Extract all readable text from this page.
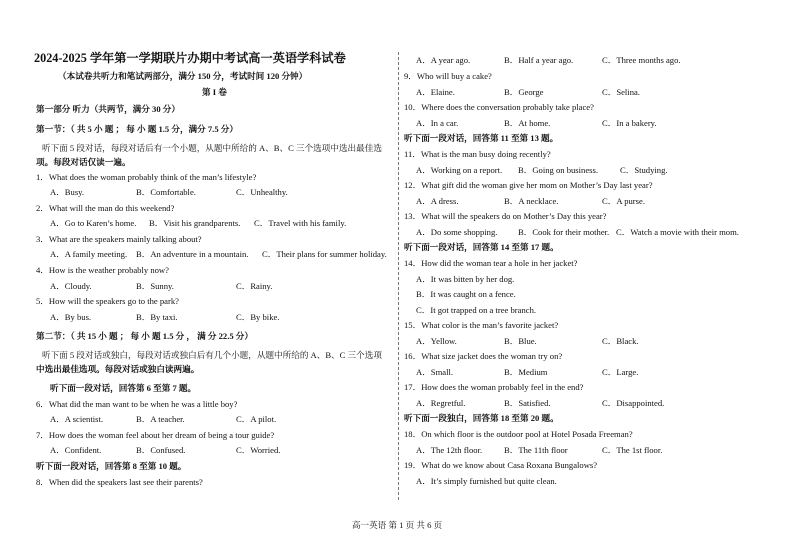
2024-2025 学年第一学期联片办期中考试高一英语学科试卷
（本试卷共听力和笔试两部分，满分 150 分，考试时间 120 分钟）
第 I 卷
第一部分 听力（共两节，满分 30 分）
第一节：（ 共 5 小 题 ； 每 小 题 1.5 分，满分 7.5 分）
听下面 5 段对话，每段对话后有一个小题，从题中所给的 A、B、C 三个选项中选出最佳选
项。每段对话仅读一遍。
1．What does the woman probably think of the man’s lifestyle?
A．Busy.	B．Comfortable.	C．Unhealthy.
2．What will the man do this weekend?
A．Go to Karen’s home. B．Visit his grandparents. C．Travel with his family.
3．What are the speakers mainly talking about?
A．A family meeting. B．An adventure in a mountain. C．Their plans for summer holiday.
4．How is the weather probably now?
A．Cloudy.	B．Sunny.	C．Rainy.
5．How will the speakers go to the park?
A．By bus.	B．By taxi.	C．By bike.
第二节：（ 共 15 小 题 ； 每 小 题 1.5 分 ， 满 分 22.5 分）
听下面 5 段对话或独白，每段对话或独白后有几个小题，从题中所给的 A、B、C 三个选项
中选出最佳选项。每段对话或独白读两遍。
听下面一段对话，回答第 6 至第 7 题。
6．What did the man want to be when he was a little boy?
A．A scientist.	B．A teacher.	C．A pilot.
7．How does the woman feel about her dream of being a tour guide?
A．Confident.	B．Confused.	C．Worried.
听下面一段对话，回答第 8 至第 10 题。
8．When did the speakers last see their parents?
A．A year ago.	B．Half a year ago.	C．Three months ago.
9．Who will buy a cake?
A．Elaine.	B．George	C．Selina.
10．Where does the conversation probably take place?
A．In a car.	B．At home.	C．In a bakery.
听下面一段对话，回答第 11 至第 13 题。
11．What is the man busy doing recently?
A．Working on a report. B．Going on business.	C．Studying.
12．What gift did the woman give her mom on Mother’s Day last year?
A．A dress.	B．A necklace.	C．A purse.
13．What will the speakers do on Mother’s Day this year?
A．Do some shopping. B．Cook for their mother. C．Watch a movie with their mom.
听下面一段对话，回答第 14 至第 17 题。
14．How did the woman tear a hole in her jacket?
A．It was bitten by her dog.
B．It was caught on a fence.
C．It got trapped on a tree branch.
15．What color is the man’s favorite jacket?
A．Yellow.	B．Blue.	C．Black.
16．What size jacket does the woman try on?
A．Small.	B．Medium	C．Large.
17．How does the woman probably feel in the end?
A．Regretful.	B．Satisfied.	C．Disappointed.
听下面一段独白，回答第 18 至第 20 题。
18．On which floor is the outdoor pool at Hotel Posada Freeman?
A．The 12th floor.	B．The 11th floor	C．The 1st floor.
19．What do we know about Casa Roxana Bungalows?
A．It’s simply furnished but quite clean.
高一英语 第 1 页 共 6 页
